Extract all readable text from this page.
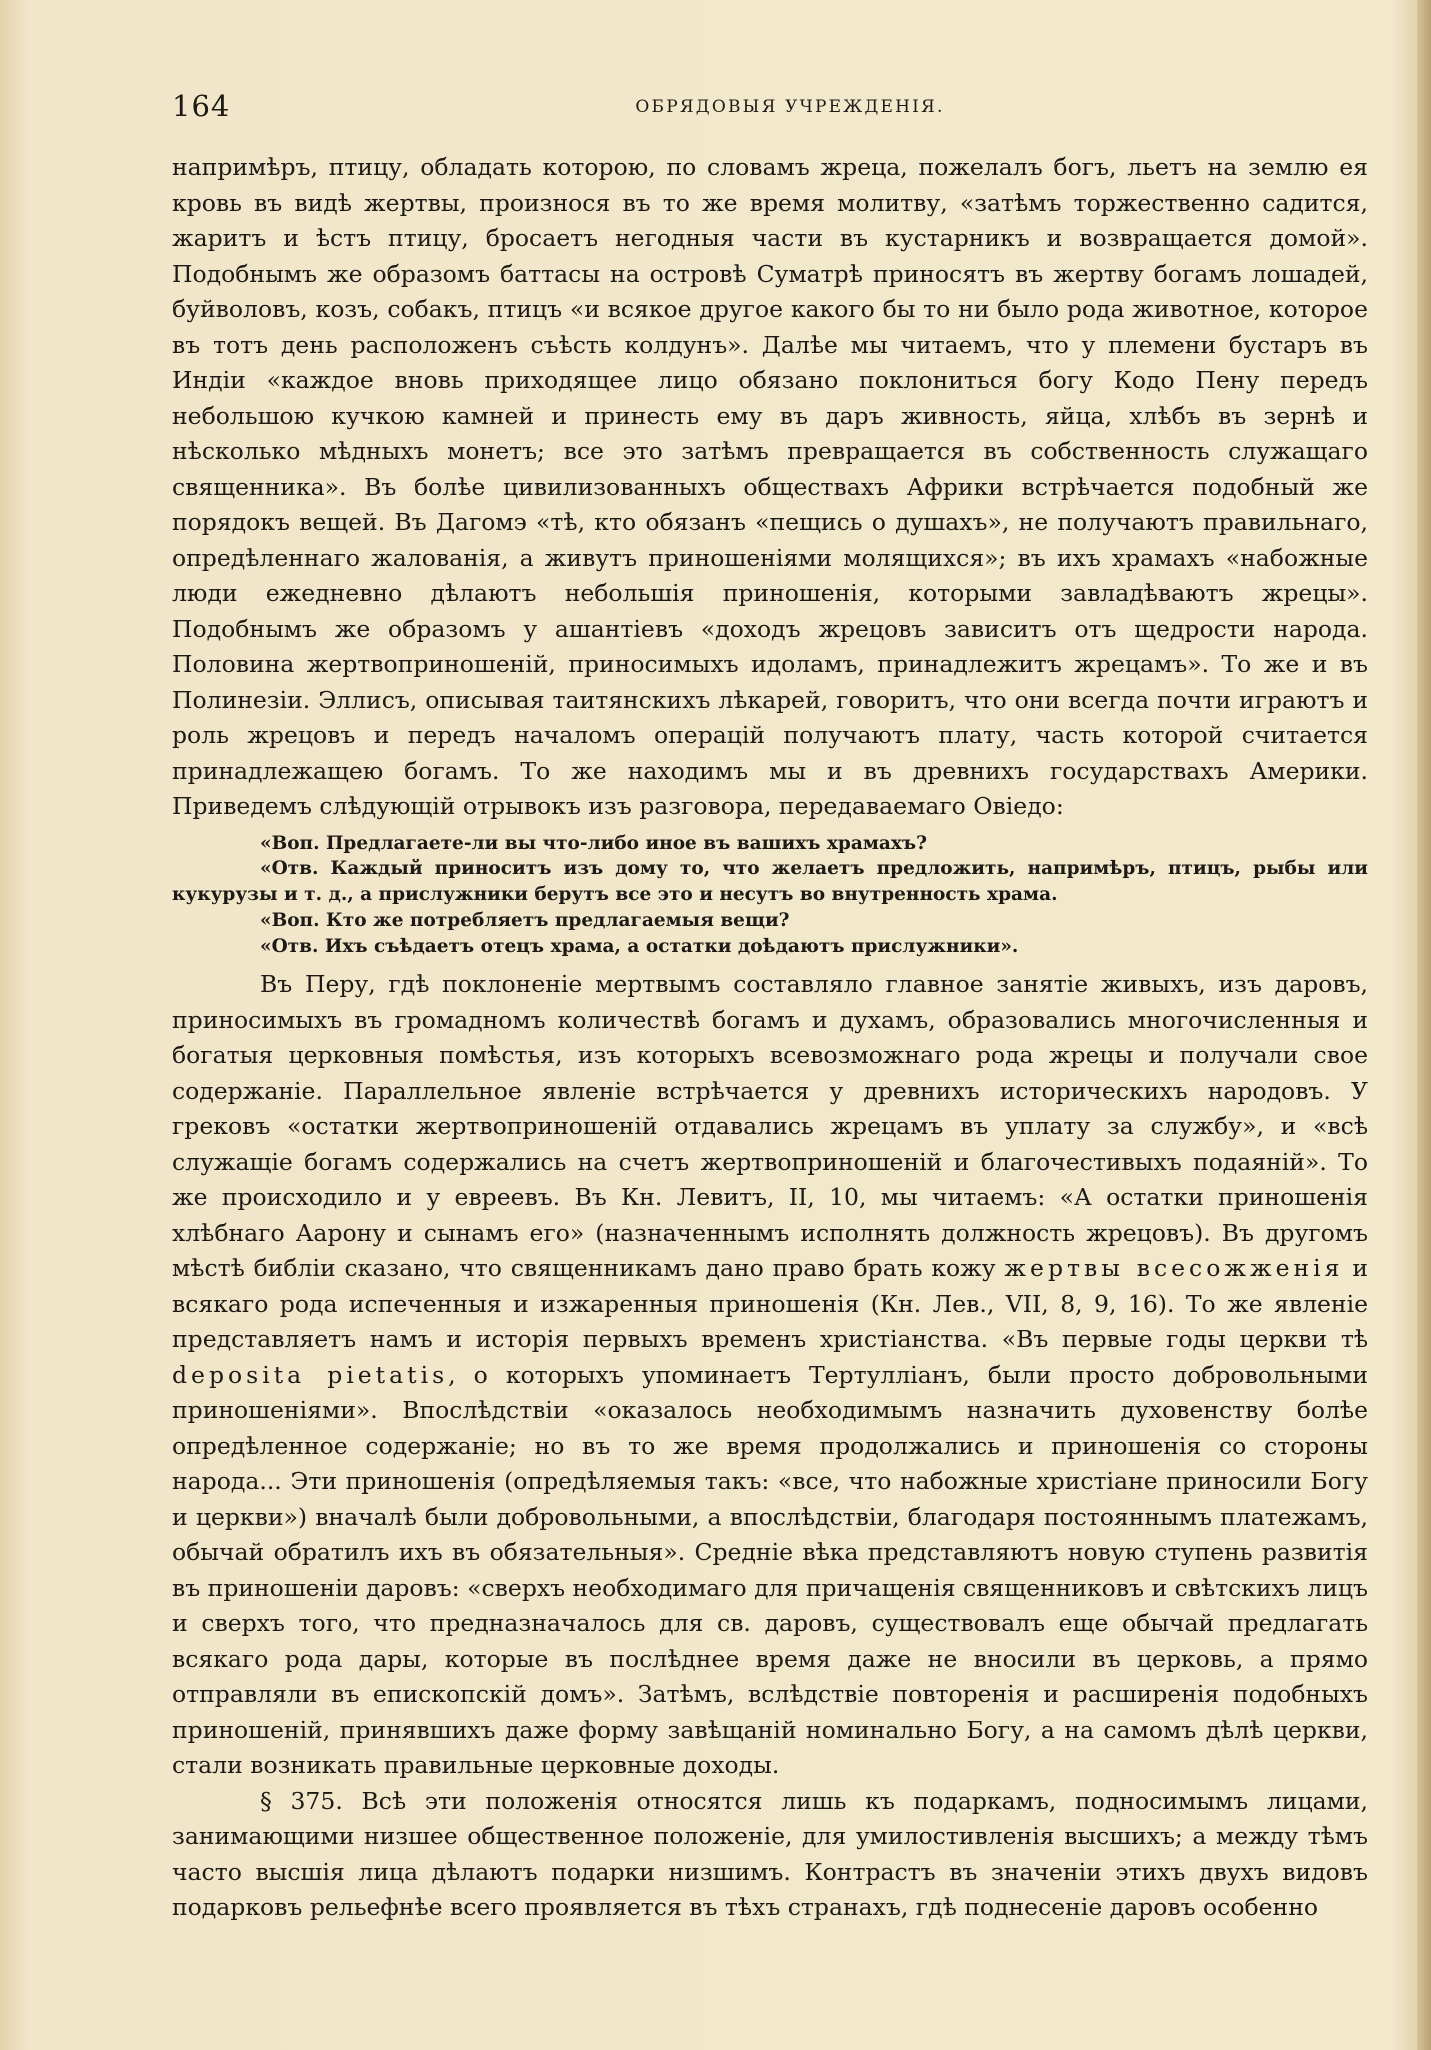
164	ОБРЯДОВЫЯ УЧРЕЖДЕНІЯ.

напримѣръ, птицу, обладать которою, по словамъ жреца, пожелалъ богъ, льетъ на землю ея кровь въ видѣ жертвы, произнося въ то же время молитву, «затѣмъ торжественно садится, жаритъ и ѣстъ птицу, бросаетъ негодныя части въ кустарникъ и возвращается домой». Подобнымъ же образомъ баттасы на островѣ Суматрѣ приносятъ въ жертву богамъ лошадей, буйволовъ, козъ, собакъ, птицъ «и всякое другое какого бы то ни было рода животное, которое въ тотъ день расположенъ съѣсть колдунъ». Далѣе мы читаемъ, что у племени бустаръ въ Индіи «каждое вновь приходящее лицо обязано поклониться богу Кодо Пену передъ небольшою кучкою камней и принесть ему въ даръ живность, яйца, хлѣбъ въ зернѣ и нѣсколько мѣдныхъ монетъ; все это затѣмъ превращается въ собственность служащаго священника». Въ болѣе цивилизованныхъ обществахъ Африки встрѣчается подобный же порядокъ вещей. Въ Дагомэ «тѣ, кто обязанъ «пещись о душахъ», не получаютъ правильнаго, опредѣленнаго жалованія, а живутъ приношеніями молящихся»; въ ихъ храмахъ «набожные люди ежедневно дѣлаютъ небольшія приношенія, которыми завладѣваютъ жрецы». Подобнымъ же образомъ у ашантіевъ «доходъ жрецовъ зависитъ отъ щедрости народа. Половина жертвоприношеній, приносимыхъ идоламъ, принадлежитъ жрецамъ». То же и въ Полинезіи. Эллисъ, описывая таитянскихъ лѣкарей, говоритъ, что они всегда почти играютъ и роль жрецовъ и передъ началомъ операцій получаютъ плату, часть которой считается принадлежащею богамъ. То же находимъ мы и въ древнихъ государствахъ Америки. Приведемъ слѣдующій отрывокъ изъ разговора, передаваемаго Овіедо:

«Воп. Предлагаете-ли вы что-либо иное въ вашихъ храмахъ?
«Отв. Каждый приноситъ изъ дому то, что желаетъ предложить, напримѣръ, птицъ, рыбы или кукурузы и т. д., а прислужники берутъ все это и несутъ во внутренность храма.
«Воп. Кто же потребляетъ предлагаемыя вещи?
«Отв. Ихъ съѣдаетъ отецъ храма, а остатки доѣдаютъ прислужники».

Въ Перу, гдѣ поклоненіе мертвымъ составляло главное занятіе живыхъ, изъ даровъ, приносимыхъ въ громадномъ количествѣ богамъ и духамъ, образовались многочисленныя и богатыя церковныя помѣстья, изъ которыхъ всевозможнаго рода жрецы и получали свое содержаніе. Параллельное явленіе встрѣчается у древнихъ историческихъ народовъ. У грековъ «остатки жертвоприношеній отдавались жрецамъ въ уплату за службу», и «всѣ служащіе богамъ содержались на счетъ жертвоприношеній и благочестивыхъ подаяній». То же происходило и у евреевъ. Въ Кн. Левитъ, II, 10, мы читаемъ: «А остатки приношенія хлѣбнаго Аарону и сынамъ его» (назначеннымъ исполнять должность жрецовъ). Въ другомъ мѣстѣ библіи сказано, что священникамъ дано право брать кожу жертвы всесожженія и всякаго рода испеченныя и изжаренныя приношенія (Кн. Лев., VII, 8, 9, 16). То же явленіе представляетъ намъ и исторія первыхъ временъ христіанства. «Въ первые годы церкви тѣ deposita pietatis, о которыхъ упоминаетъ Тертулліанъ, были просто добровольными приношеніями». Впослѣдствіи «оказалось необходимымъ назначить духовенству болѣе опредѣленное содержаніе; но въ то же время продолжались и приношенія со стороны народа... Эти приношенія (опредѣляемыя такъ: «все, что набожные христіане приносили Богу и церкви») вначалѣ были добровольными, а впослѣдствіи, благодаря постояннымъ платежамъ, обычай обратилъ ихъ въ обязательныя». Средніе вѣка представляютъ новую ступень развитія въ приношеніи даровъ: «сверхъ необходимаго для причащенія священниковъ и свѣтскихъ лицъ и сверхъ того, что предназначалось для св. даровъ, существовалъ еще обычай предлагать всякаго рода дары, которые въ послѣднее время даже не вносили въ церковь, а прямо отправляли въ епископскій домъ». Затѣмъ, вслѣдствіе повторенія и расширенія подобныхъ приношеній, принявшихъ даже форму завѣщаній номинально Богу, а на самомъ дѣлѣ церкви, стали возникать правильные церковные доходы.

§ 375. Всѣ эти положенія относятся лишь къ подаркамъ, подносимымъ лицами, занимающими низшее общественное положеніе, для умилостивленія высшихъ; а между тѣмъ часто высшія лица дѣлаютъ подарки низшимъ. Контрастъ въ значеніи этихъ двухъ видовъ подарковъ рельефнѣе всего проявляется въ тѣхъ странахъ, гдѣ поднесеніе даровъ особенно
